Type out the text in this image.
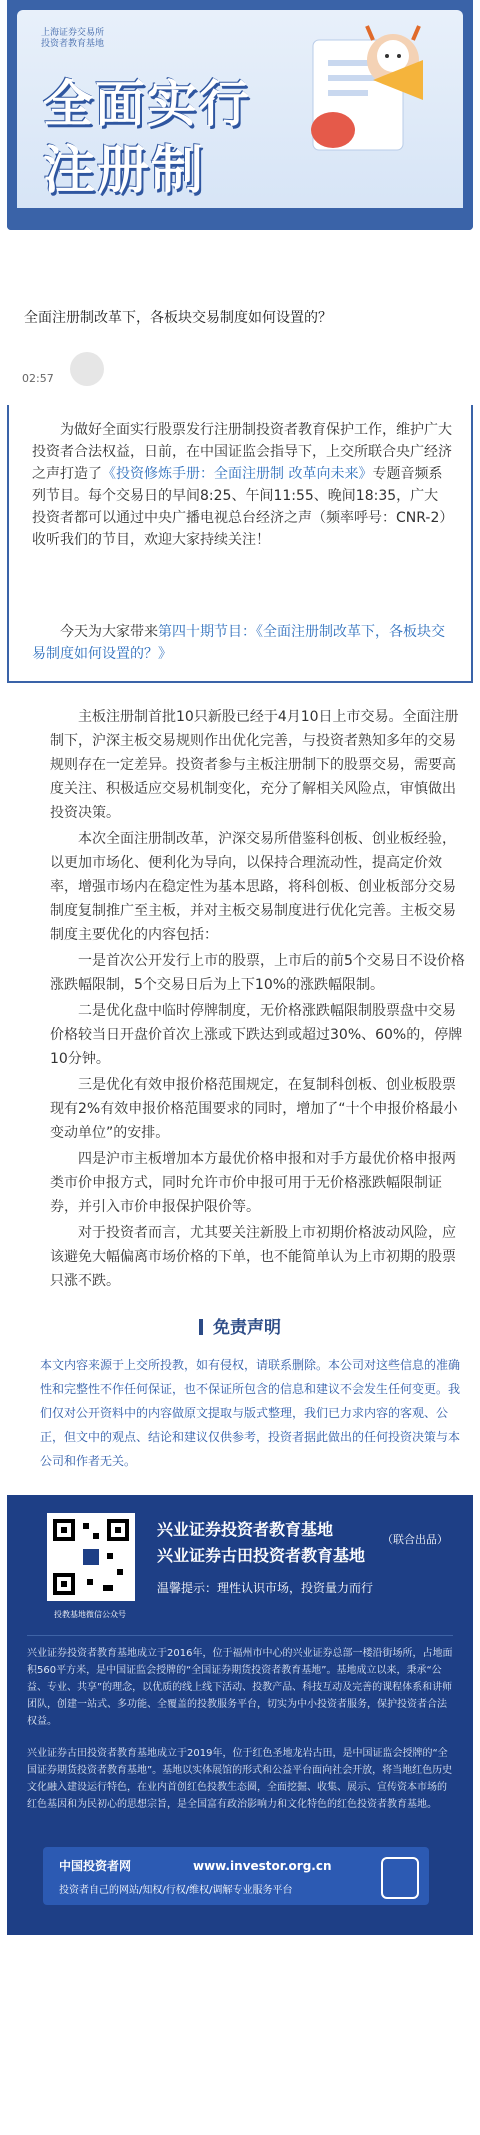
上海证券交易所
投资者教育基地
全面实行
注册制
全面注册制改革下，各板块交易制度如何设置的？
02:57

为做好全面实行股票发行注册制投资者教育保护工作，维护广大投资者合法权益，日前，在中国证监会指导下，上交所联合央广经济之声打造了《投资修炼手册：全面注册制 改革向未来》专题音频系列节目。每个交易日的早间8:25、午间11:55、晚间18:35，广大投资者都可以通过中央广播电视总台经济之声（频率呼号：CNR-2）收听我们的节目，欢迎大家持续关注！

今天为大家带来第四十期节目：《全面注册制改革下，各板块交易制度如何设置的？》

主板注册制首批10只新股已经于4月10日上市交易。全面注册制下，沪深主板交易规则作出优化完善，与投资者熟知多年的交易规则存在一定差异。投资者参与主板注册制下的股票交易，需要高度关注、积极适应交易机制变化，充分了解相关风险点，审慎做出投资决策。

本次全面注册制改革，沪深交易所借鉴科创板、创业板经验，以更加市场化、便利化为导向，以保持合理流动性，提高定价效率，增强市场内在稳定性为基本思路，将科创板、创业板部分交易制度复制推广至主板，并对主板交易制度进行优化完善。主板交易制度主要优化的内容包括：

一是首次公开发行上市的股票，上市后的前5个交易日不设价格涨跌幅限制，5个交易日后为上下10%的涨跌幅限制。

二是优化盘中临时停牌制度，无价格涨跌幅限制股票盘中交易价格较当日开盘价首次上涨或下跌达到或超过30%、60%的，停牌10分钟。

三是优化有效申报价格范围规定，在复制科创板、创业板股票现有2%有效申报价格范围要求的同时，增加了“十个申报价格最小变动单位”的安排。

四是沪市主板增加本方最优价格申报和对手方最优价格申报两类市价申报方式，同时允许市价申报可用于无价格涨跌幅限制证券，并引入市价申报保护限价等。

对于投资者而言，尤其要关注新股上市初期价格波动风险，应该避免大幅偏离市场价格的下单，也不能简单认为上市初期的股票只涨不跌。

免责声明

本文内容来源于上交所投教，如有侵权，请联系删除。本公司对这些信息的准确性和完整性不作任何保证，也不保证所包含的信息和建议不会发生任何变更。我们仅对公开资料中的内容做原文提取与版式整理，我们已力求内容的客观、公正，但文中的观点、结论和建议仅供参考，投资者据此做出的任何投资决策与本公司和作者无关。

投教基地微信公众号
兴业证券投资者教育基地
兴业证券古田投资者教育基地
（联合出品）
温馨提示：理性认识市场，投资量力而行

兴业证券投资者教育基地成立于2016年，位于福州市中心的兴业证券总部一楼沿街场所，占地面积560平方米，是中国证监会授牌的“全国证券期货投资者教育基地”。基地成立以来，秉承“公益、专业、共享”的理念，以优质的线上线下活动、投教产品、科技互动及完善的课程体系和讲师团队，创建一站式、多功能、全覆盖的投教服务平台，切实为中小投资者服务，保护投资者合法权益。

兴业证券古田投资者教育基地成立于2019年，位于红色圣地龙岩古田，是中国证监会授牌的“全国证券期货投资者教育基地”。基地以实体展馆的形式和公益平台面向社会开放，将当地红色历史文化融入建设运行特色，在业内首创红色投教生态圈，全面挖掘、收集、展示、宣传资本市场的红色基因和为民初心的思想宗旨，是全国富有政治影响力和文化特色的红色投资者教育基地。

中国投资者网	www.investor.org.cn
投资者自己的网站/知权/行权/维权/调解专业服务平台
